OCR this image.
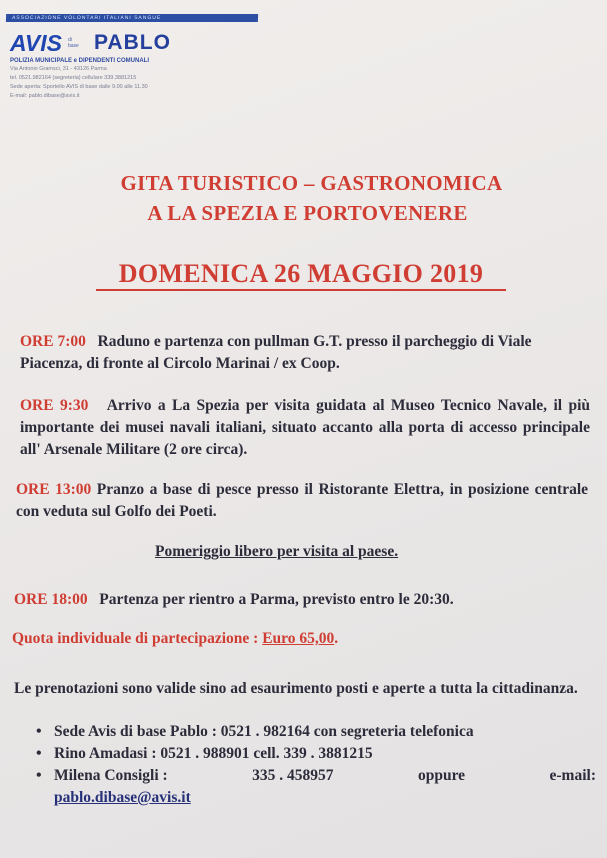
ASSOCIAZIONE VOLONTARI ITALIANI SANGUE
AVIS di base PABLO
POLIZIA MUNICIPALE e DIPENDENTI COMUNALI
Via Antonio Gramsci, 31 - 43126 Parma
tel. 0521.982164 (segreteria) cellulare 339.3881215
Sede aperta: Sportello AVIS di base dalle 9.00 alle 11.30
E-mail: pablo.dibase@avis.it
GITA TURISTICO – GASTRONOMICA
A LA SPEZIA E PORTOVENERE
DOMENICA 26 MAGGIO 2019
ORE 7:00 Raduno e partenza con pullman G.T. presso il parcheggio di Viale Piacenza, di fronte al Circolo Marinai / ex Coop.
ORE 9:30 Arrivo a La Spezia per visita guidata al Museo Tecnico Navale, il più importante dei musei navali italiani, situato accanto alla porta di accesso principale all' Arsenale Militare (2 ore circa).
ORE 13:00 Pranzo a base di pesce presso il Ristorante Elettra, in posizione centrale con veduta sul Golfo dei Poeti.
Pomeriggio libero per visita al paese.
ORE 18:00 Partenza per rientro a Parma, previsto entro le 20:30.
Quota individuale di partecipazione : Euro 65,00.
Le prenotazioni sono valide sino ad esaurimento posti e aperte a tutta la cittadinanza.
• Sede Avis di base Pablo : 0521 . 982164 con segreteria telefonica
• Rino Amadasi : 0521 . 988901 cell. 339 . 3881215
• Milena Consigli :	335 . 458957	oppure	e-mail:
pablo.dibase@avis.it
